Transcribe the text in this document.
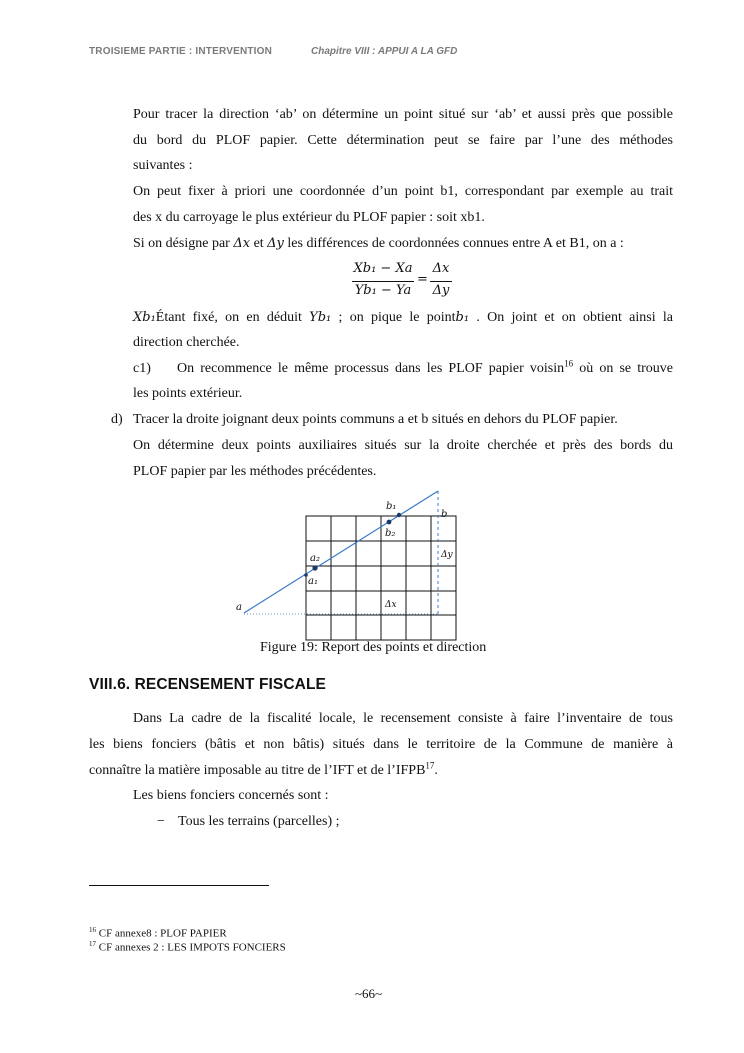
TROISIEME PARTIE : INTERVENTION	Chapitre VIII : APPUI A LA GFD
Pour tracer la direction ‘ab’ on détermine un point situé sur ‘ab’ et aussi près que possible
du bord du PLOF papier. Cette détermination peut se faire par l’une des méthodes
suivantes :
On peut fixer à priori une coordonnée d’un point b1, correspondant par exemple au trait
des x du carroyage le plus extérieur du PLOF papier : soit xb1.
Si on désigne par Δx et Δy les différences de coordonnées connues entre A et B1, on a :
Xb₁ − Xa
Yb₁ − Ya
=
Δx
Δy
Xb₁Étant fixé, on en déduit Yb₁ ; on pique le pointb₁ . On joint et on obtient ainsi la
direction cherchée.
c1) On recommence le même processus dans les PLOF papier voisin$^{16}$ où on se trouve
les points extérieur.
d) Tracer la droite joignant deux points communs a et b situés en dehors du PLOF papier.
On détermine deux points auxiliaires situés sur la droite cherchée et près des bords du
PLOF papier par les méthodes précédentes.
a
a₁
a₂
b₁
b₂
b
Δx
Δy
Figure 19: Report des points et direction
VIII.6. RECENSEMENT FISCALE
Dans La cadre de la fiscalité locale, le recensement consiste à faire l’inventaire de tous
les biens fonciers (bâtis et non bâtis) situés dans le territoire de la Commune de manière à
connaître la matière imposable au titre de l’IFT et de l’IFPB$^{17}$.
Les biens fonciers concernés sont :
− Tous les terrains (parcelles) ;
$^{16}$ CF annexe8 : PLOF PAPIER
$^{17}$ CF annexes 2 : LES IMPOTS FONCIERS
~66~
